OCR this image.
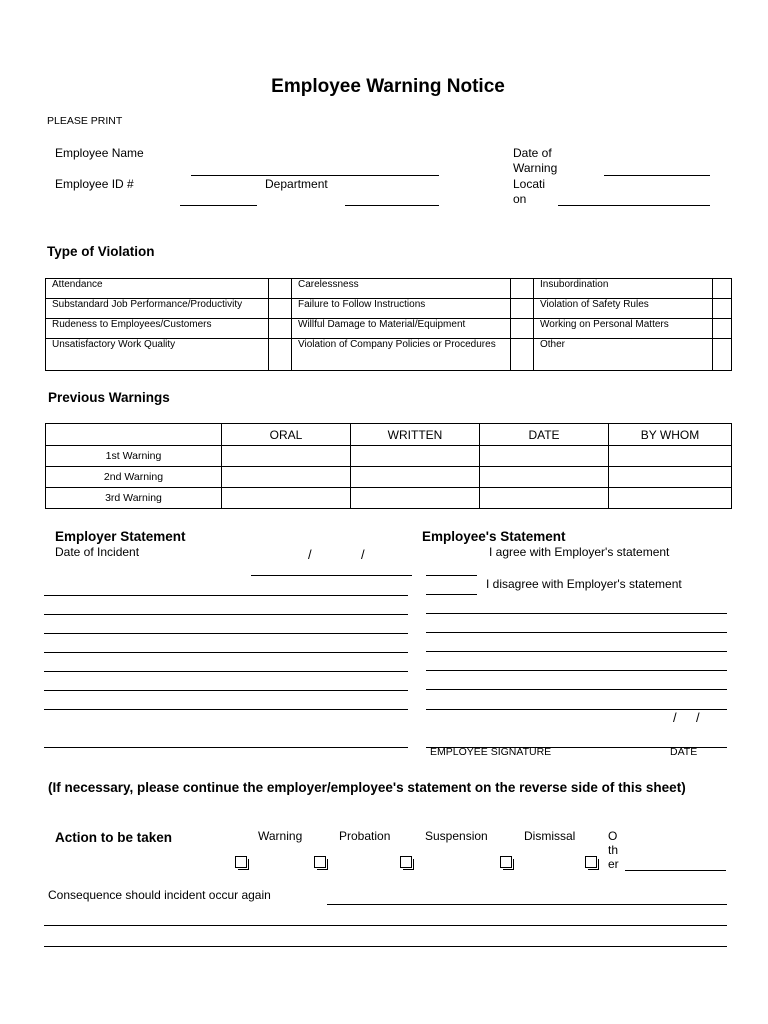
Employee Warning Notice
PLEASE PRINT
Employee Name
Employee ID #	Department
Date of
Warning
Locati
on
Type of Violation
Attendance		Carelessness		Insubordination	
Substandard Job Performance/Productivity		Failure to Follow Instructions		Violation of Safety Rules	
Rudeness to Employees/Customers		Willful Damage to Material/Equipment		Working on Personal Matters	
Unsatisfactory Work Quality		Violation of Company Policies or Procedures		Other	
Previous Warnings
	ORAL	WRITTEN	DATE	BY WHOM
1st Warning				
2nd Warning				
3rd Warning				
Employer Statement
Date of Incident	/	/
Employee's Statement
I agree with Employer's statement
I disagree with Employer's statement
/ /
EMPLOYEE SIGNATURE	DATE
(If necessary, please continue the employer/employee's statement on the reverse side of this sheet)
Action to be taken	Warning	Probation	Suspension	Dismissal	O
th
er
Consequence should incident occur again
